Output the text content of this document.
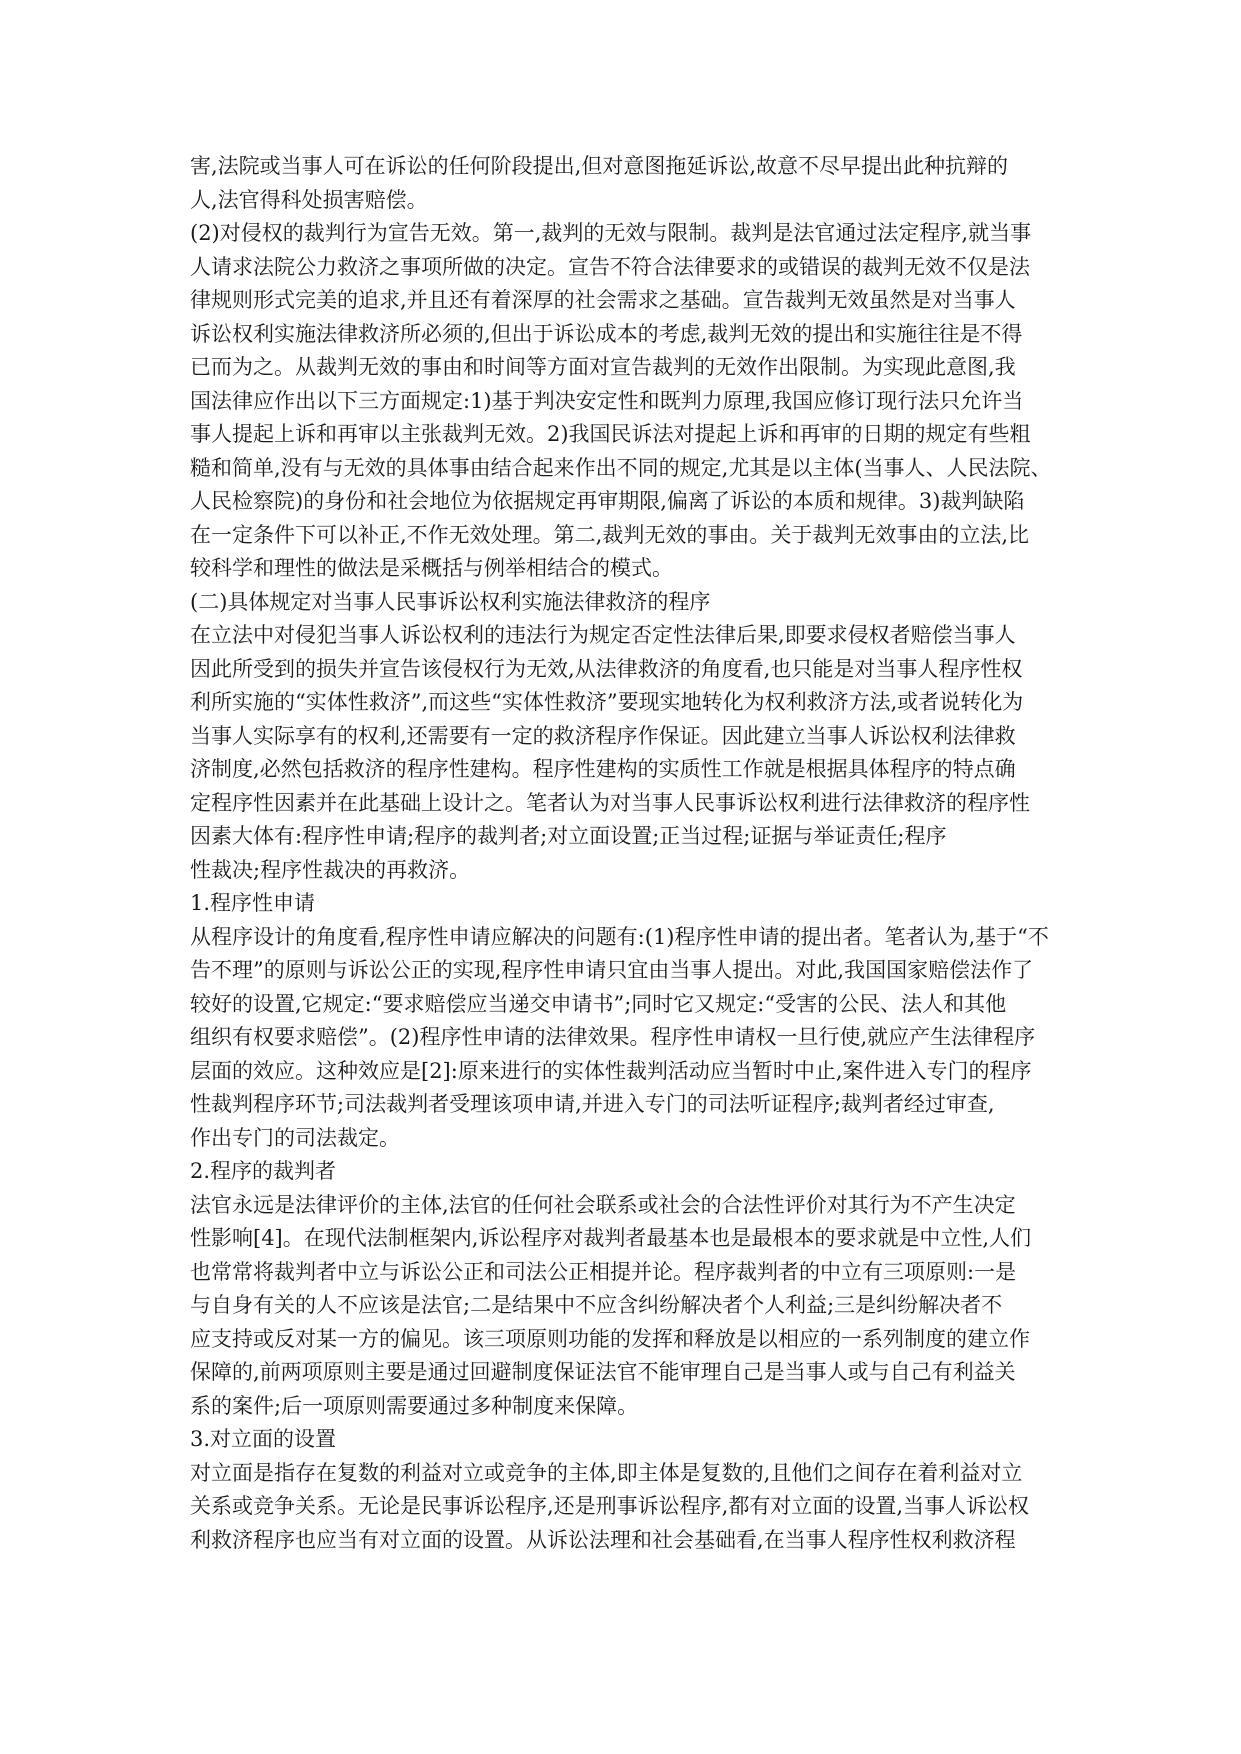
害,法院或当事人可在诉讼的任何阶段提出,但对意图拖延诉讼,故意不尽早提出此种抗辩的
人,法官得科处损害赔偿。

(2)对侵权的裁判行为宣告无效。第一,裁判的无效与限制。裁判是法官通过法定程序,就当事
人请求法院公力救济之事项所做的决定。宣告不符合法律要求的或错误的裁判无效不仅是法
律规则形式完美的追求,并且还有着深厚的社会需求之基础。宣告裁判无效虽然是对当事人
诉讼权利实施法律救济所必须的,但出于诉讼成本的考虑,裁判无效的提出和实施往往是不得
已而为之。从裁判无效的事由和时间等方面对宣告裁判的无效作出限制。为实现此意图,我
国法律应作出以下三方面规定:1)基于判决安定性和既判力原理,我国应修订现行法只允许当
事人提起上诉和再审以主张裁判无效。2)我国民诉法对提起上诉和再审的日期的规定有些粗
糙和简单,没有与无效的具体事由结合起来作出不同的规定,尤其是以主体(当事人、人民法院、
人民检察院)的身份和社会地位为依据规定再审期限,偏离了诉讼的本质和规律。3)裁判缺陷
在一定条件下可以补正,不作无效处理。第二,裁判无效的事由。关于裁判无效事由的立法,比
较科学和理性的做法是采概括与例举相结合的模式。

(二)具体规定对当事人民事诉讼权利实施法律救济的程序

在立法中对侵犯当事人诉讼权利的违法行为规定否定性法律后果,即要求侵权者赔偿当事人
因此所受到的损失并宣告该侵权行为无效,从法律救济的角度看,也只能是对当事人程序性权
利所实施的“实体性救济”,而这些“实体性救济”要现实地转化为权利救济方法,或者说转化为
当事人实际享有的权利,还需要有一定的救济程序作保证。因此建立当事人诉讼权利法律救
济制度,必然包括救济的程序性建构。程序性建构的实质性工作就是根据具体程序的特点确
定程序性因素并在此基础上设计之。笔者认为对当事人民事诉讼权利进行法律救济的程序性
因素大体有:程序性申请;程序的裁判者;对立面设置;正当过程;证据与举证责任;程序
性裁决;程序性裁决的再救济。

1.程序性申请

从程序设计的角度看,程序性申请应解决的问题有:(1)程序性申请的提出者。笔者认为,基于“不
告不理”的原则与诉讼公正的实现,程序性申请只宜由当事人提出。对此,我国国家赔偿法作了
较好的设置,它规定:“要求赔偿应当递交申请书”;同时它又规定:“受害的公民、法人和其他
组织有权要求赔偿”。(2)程序性申请的法律效果。程序性申请权一旦行使,就应产生法律程序
层面的效应。这种效应是[2]:原来进行的实体性裁判活动应当暂时中止,案件进入专门的程序
性裁判程序环节;司法裁判者受理该项申请,并进入专门的司法听证程序;裁判者经过审查,
作出专门的司法裁定。

2.程序的裁判者

法官永远是法律评价的主体,法官的任何社会联系或社会的合法性评价对其行为不产生决定
性影响[4]。在现代法制框架内,诉讼程序对裁判者最基本也是最根本的要求就是中立性,人们
也常常将裁判者中立与诉讼公正和司法公正相提并论。程序裁判者的中立有三项原则:一是
与自身有关的人不应该是法官;二是结果中不应含纠纷解决者个人利益;三是纠纷解决者不
应支持或反对某一方的偏见。该三项原则功能的发挥和释放是以相应的一系列制度的建立作
保障的,前两项原则主要是通过回避制度保证法官不能审理自己是当事人或与自己有利益关
系的案件;后一项原则需要通过多种制度来保障。

3.对立面的设置

对立面是指存在复数的利益对立或竞争的主体,即主体是复数的,且他们之间存在着利益对立
关系或竞争关系。无论是民事诉讼程序,还是刑事诉讼程序,都有对立面的设置,当事人诉讼权
利救济程序也应当有对立面的设置。从诉讼法理和社会基础看,在当事人程序性权利救济程
